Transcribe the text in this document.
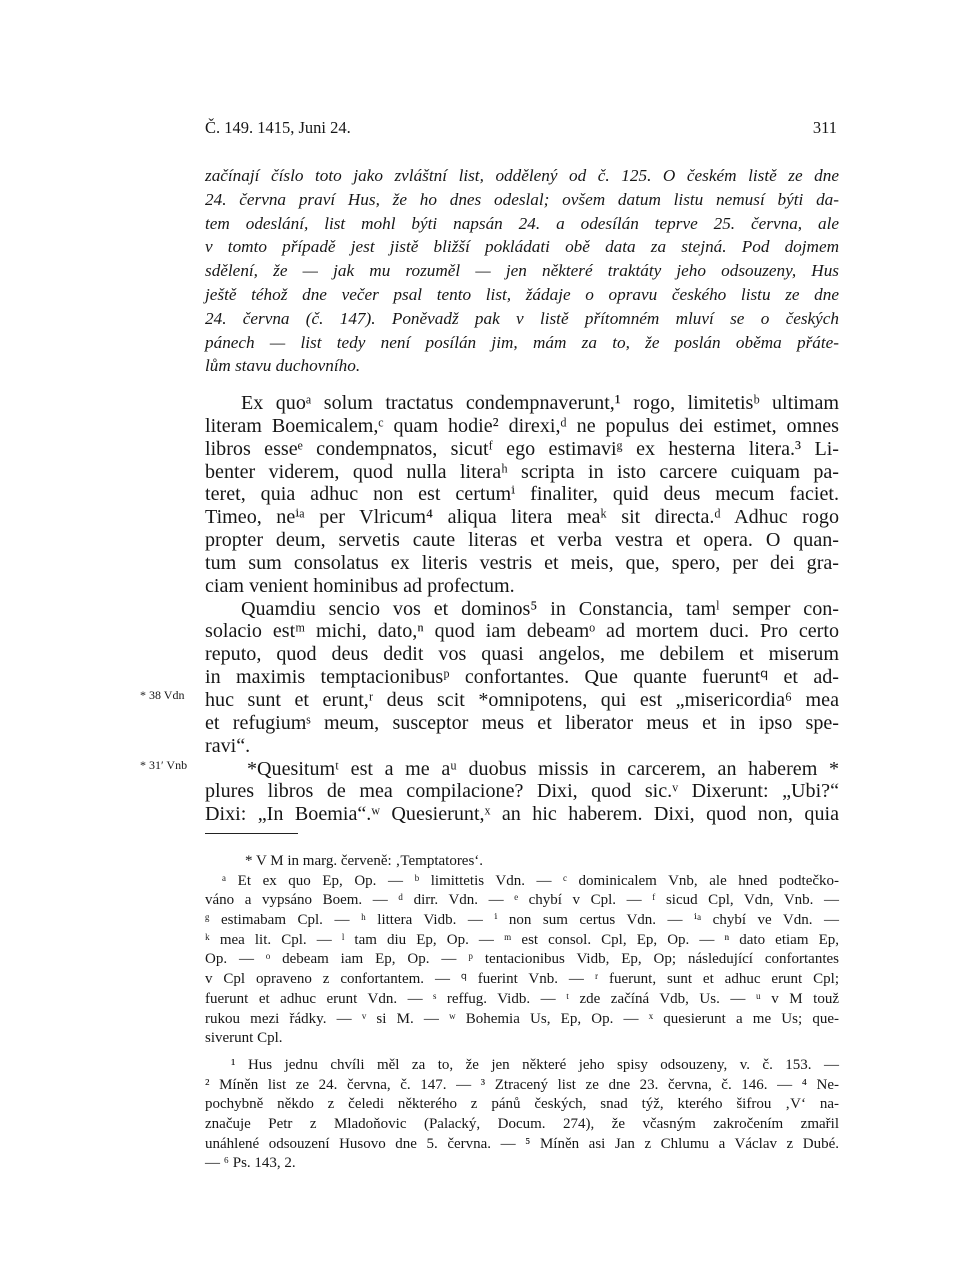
Č. 149. 1415, Juni 24.	311
začínají číslo toto jako zvláštní list, oddělený od č. 125. O českém listě ze dne
24. června praví Hus, že ho dnes odeslal; ovšem datum listu nemusí býti da-
tem odeslání, list mohl býti napsán 24. a odesílán teprve 25. června, ale
v tomto případě jest jistě bližší pokládati obě data za stejná. Pod dojmem
sdělení, že — jak mu rozuměl — jen některé traktáty jeho odsouzeny, Hus
ještě téhož dne večer psal tento list, žádaje o opravu českého listu ze dne
24. června (č. 147). Poněvadž pak v listě přítomném mluví se o českých
pánech — list tedy není posílán jim, mám za to, že poslán oběma přáte-
lům stavu duchovního.
Ex quoᵃ solum tractatus condempnaverunt,¹ rogo, limitetisᵇ ultimam
literam Boemicalem,ᶜ quam hodie² direxi,ᵈ ne populus dei estimet, omnes
libros esseᵉ condempnatos, sicutᶠ ego estimaviᵍ ex hesterna litera.³ Li-
benter viderem, quod nulla literaʰ scripta in isto carcere cuiquam pa-
teret, quia adhuc non est certumⁱ finaliter, quid deus mecum faciet.
Timeo, neⁱᵃ per Vlricum⁴ aliqua litera meaᵏ sit directa.ᵈ Adhuc rogo
propter deum, servetis caute literas et verba vestra et opera. O quan-
tum sum consolatus ex literis vestris et meis, que, spero, per dei gra-
ciam venient hominibus ad profectum.
Quamdiu sencio vos et dominos⁵ in Constancia, tamˡ semper con-
solacio estᵐ michi, dato,ⁿ quod iam debeamᵒ ad mortem duci. Pro certo
reputo, quod deus dedit vos quasi angelos, me debilem et miserum
in maximis temptacionibusᵖ confortantes. Que quante fuerunt𐞥 et ad-
huc sunt et erunt,ʳ deus scit *omnipotens, qui est „misericordia⁶ mea
et refugiumˢ meum, susceptor meus et liberator meus et in ipso spe-
ravi“.
*Quesitumᵗ est a me aᵘ duobus missis in carcerem, an haberem *
plures libros de mea compilacione? Dixi, quod sic.ᵛ Dixerunt: „Ubi?“
Dixi: „In Boemia“.ʷ Quesierunt,ˣ an hic haberem. Dixi, quod non, quia
* 38 Vdn
* 31′ Vnb
* V M in marg. červeně: ‚Temptatores‘.
ᵃ Et ex quo Ep, Op. — ᵇ limittetis Vdn. — ᶜ dominicalem Vnb, ale hned podtečko-
váno a vypsáno Boem. — ᵈ dirr. Vdn. — ᵉ chybí v Cpl. — ᶠ sicud Cpl, Vdn, Vnb. —
ᵍ estimabam Cpl. — ʰ littera Vidb. — ⁱ non sum certus Vdn. — ⁱᵃ chybí ve Vdn. —
ᵏ mea lit. Cpl. — ˡ tam diu Ep, Op. — ᵐ est consol. Cpl, Ep, Op. — ⁿ dato etiam Ep,
Op. — ᵒ debeam iam Ep, Op. — ᵖ tentacionibus Vidb, Ep, Op; následující confortantes
v Cpl opraveno z confortantem. — 𐞥 fuerint Vnb. — ʳ fuerunt, sunt et adhuc erunt Cpl;
fuerunt et adhuc erunt Vdn. — ˢ reffug. Vidb. — ᵗ zde začíná Vdb, Us. — ᵘ v M touž
rukou mezi řádky. — ᵛ si M. — ʷ Bohemia Us, Ep, Op. — ˣ quesierunt a me Us; que-
siverunt Cpl.
¹ Hus jednu chvíli měl za to, že jen některé jeho spisy odsouzeny, v. č. 153. —
² Míněn list ze 24. června, č. 147. — ³ Ztracený list ze dne 23. června, č. 146. — ⁴ Ne-
pochybně někdo z čeledi některého z pánů českých, snad týž, kterého šifrou ‚V‘ na-
značuje Petr z Mladoňovic (Palacký, Docum. 274), že včasným zakročením zmařil
unáhlené odsouzení Husovo dne 5. června. — ⁵ Míněn asi Jan z Chlumu a Václav z Dubé.
— ⁶ Ps. 143, 2.
